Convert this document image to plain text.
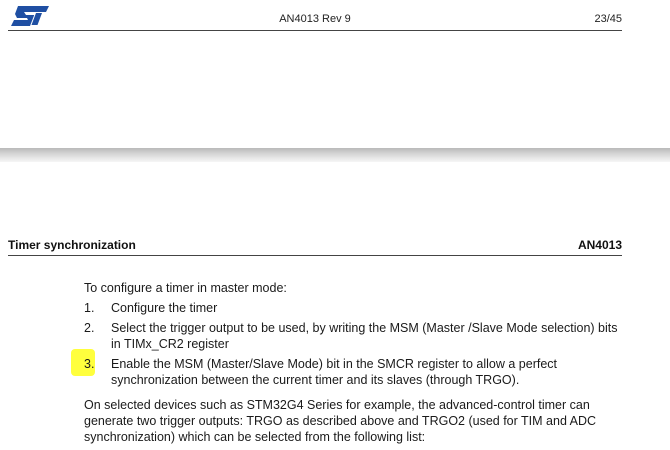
AN4013 Rev 9	23/45
Timer synchronization	AN4013
To configure a timer in master mode:
1.	Configure the timer
2.	Select the trigger output to be used, by writing the MSM (Master /Slave Mode selection) bits in TIMx_CR2 register
3.	Enable the MSM (Master/Slave Mode) bit in the SMCR register to allow a perfect synchronization between the current timer and its slaves (through TRGO).
On selected devices such as STM32G4 Series for example, the advanced-control timer can generate two trigger outputs: TRGO as described above and TRGO2 (used for TIM and ADC synchronization) which can be selected from the following list:
